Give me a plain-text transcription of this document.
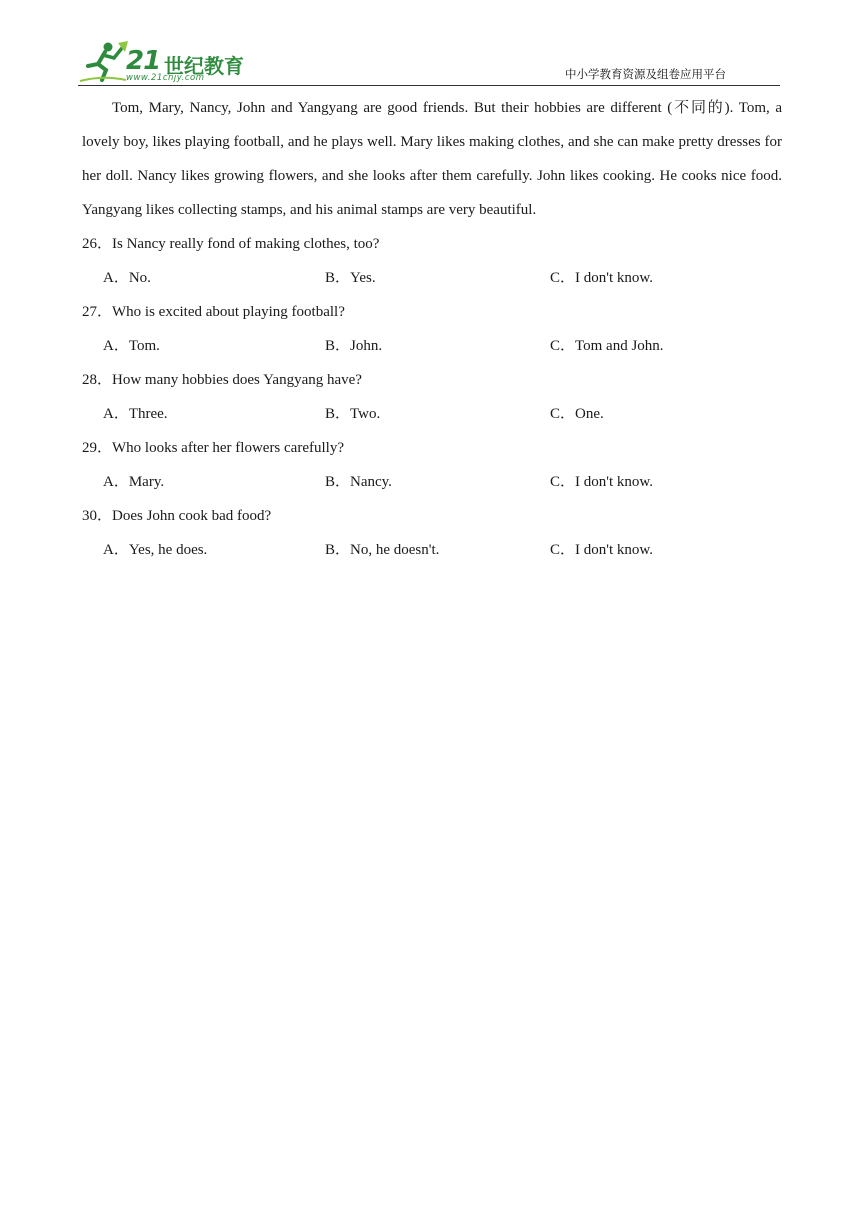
21 世纪教育
www.21cnjy.com	中小学教育资源及组卷应用平台

Tom, Mary, Nancy, John and Yangyang are good friends. But their hobbies are different (不同的). Tom, a lovely boy, likes playing football, and he plays well. Mary likes making clothes, and she can make pretty dresses for her doll. Nancy likes growing flowers, and she looks after them carefully. John likes cooking. He cooks nice food. Yangyang likes collecting stamps, and his animal stamps are very beautiful.

26．Is Nancy really fond of making clothes, too?
A．No.	B．Yes.	C．I don't know.
27．Who is excited about playing football?
A．Tom.	B．John.	C．Tom and John.
28．How many hobbies does Yangyang have?
A．Three.	B．Two.	C．One.
29．Who looks after her flowers carefully?
A．Mary.	B．Nancy.	C．I don't know.
30．Does John cook bad food?
A．Yes, he does.	B．No, he doesn't.	C．I don't know.
